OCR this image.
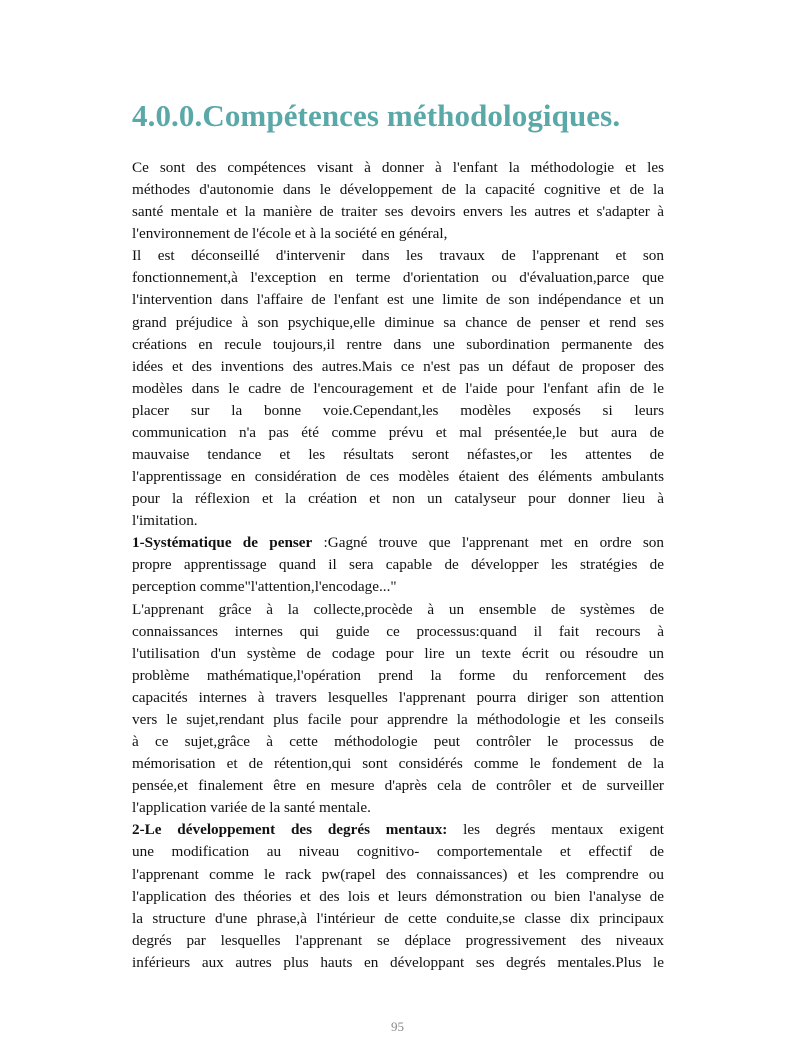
4.0.0.Compétences méthodologiques.
Ce sont des compétences visant à donner à l'enfant la méthodologie et les
méthodes d'autonomie dans le développement de la capacité cognitive et de la
santé mentale et la manière de traiter ses devoirs envers les autres et s'adapter à
l'environnement de l'école et à la société en général,
Il est déconseillé d'intervenir dans les travaux de l'apprenant et son
fonctionnement,à l'exception en terme d'orientation ou d'évaluation,parce que
l'intervention dans l'affaire de l'enfant est une limite de son indépendance et un
grand préjudice à son psychique,elle diminue sa chance de penser et rend ses
créations en recule toujours,il rentre dans une subordination permanente des
idées et des inventions des autres.Mais ce n'est pas un défaut de proposer des
modèles dans le cadre de l'encouragement et de l'aide pour l'enfant afin de le
placer sur la bonne voie.Cependant,les modèles exposés si leurs
communication n'a pas été comme prévu et mal présentée,le but aura de
mauvaise tendance et les résultats seront néfastes,or les attentes de
l'apprentissage en considération de ces modèles étaient des éléments ambulants
pour la réflexion et la création et non un catalyseur pour donner lieu à
l'imitation.
1-Systématique de penser :Gagné trouve que l'apprenant met en ordre son
propre apprentissage quand il sera capable de développer les stratégies de
perception comme"l'attention,l'encodage..."
L'apprenant grâce à la collecte,procède à un ensemble de systèmes de
connaissances internes qui guide ce processus:quand il fait recours à
l'utilisation d'un système de codage pour lire un texte écrit ou résoudre un
problème mathématique,l'opération prend la forme du renforcement des
capacités internes à travers lesquelles l'apprenant pourra diriger son attention
vers le sujet,rendant plus facile pour apprendre la méthodologie et les conseils
à ce sujet,grâce à cette méthodologie peut contrôler le processus de
mémorisation et de rétention,qui sont considérés comme le fondement de la
pensée,et finalement être en mesure d'après cela de contrôler et de surveiller
l'application variée de la santé mentale.
2-Le développement des degrés mentaux: les degrés mentaux exigent
une modification au niveau cognitivo- comportementale et effectif de
l'apprenant comme le rack pw(rapel des connaissances) et les comprendre ou
l'application des théories et des lois et leurs démonstration ou bien l'analyse de
la structure d'une phrase,à l'intérieur de cette conduite,se classe dix principaux
degrés par lesquelles l'apprenant se déplace progressivement des niveaux
inférieurs aux autres plus hauts en développant ses degrés mentales.Plus le
95
